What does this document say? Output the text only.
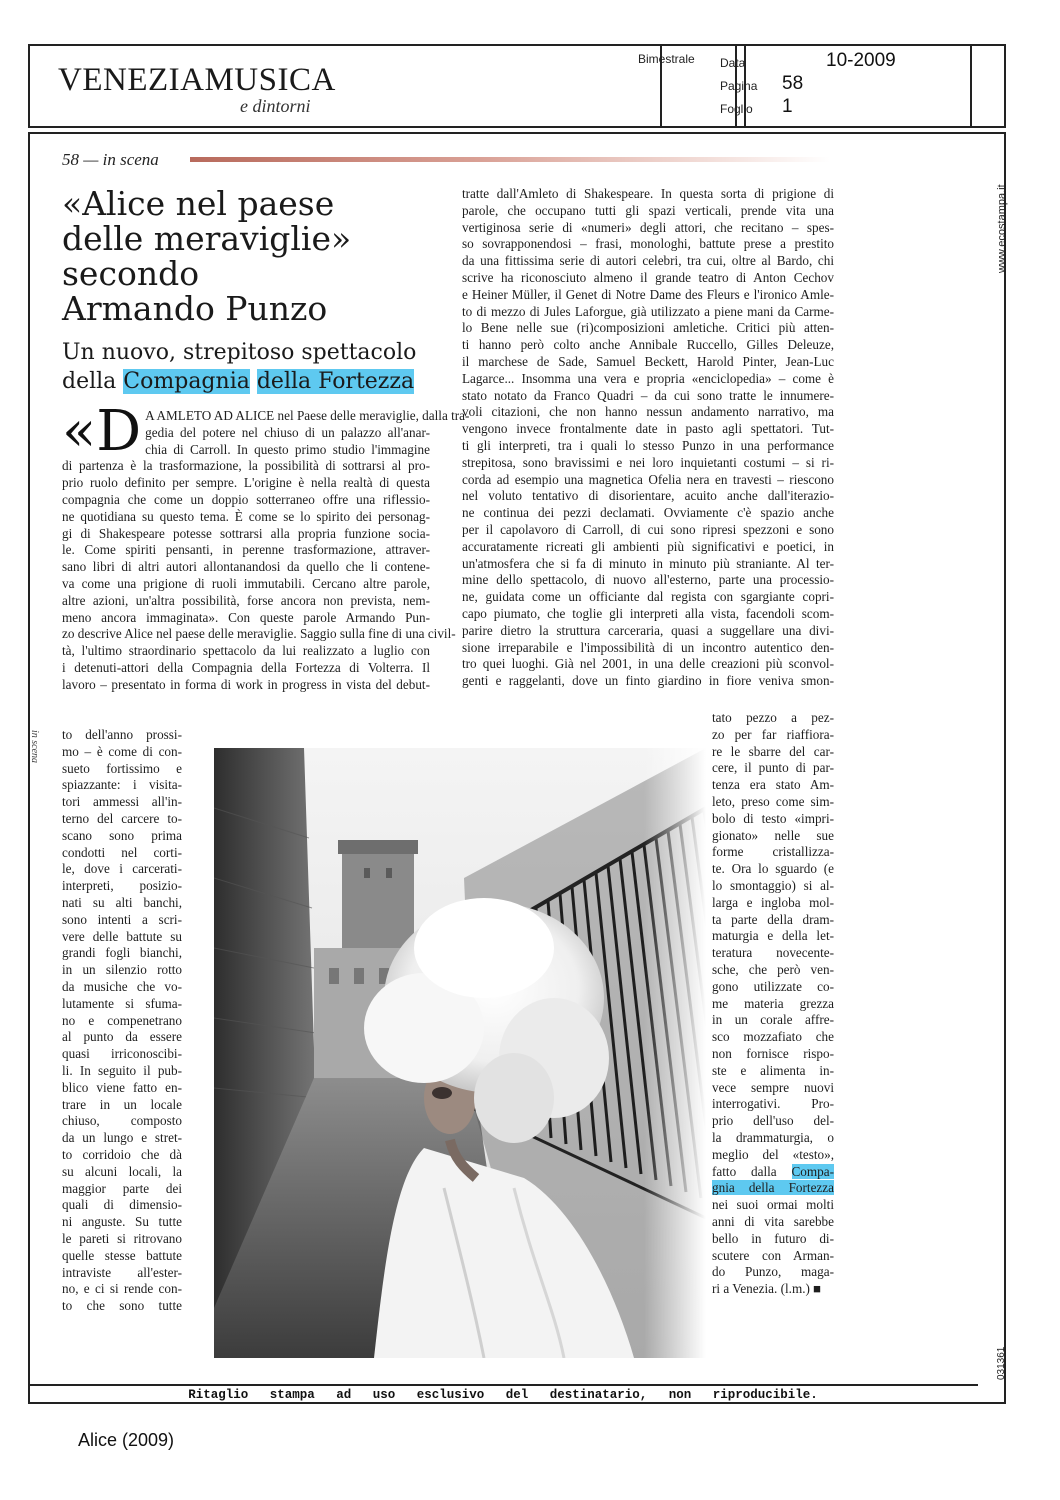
VENEZIAMUSICA
e dintorni
Bimestrale Data	10-2009
Pagina 58
Foglio 1
www.ecostampa.it
031361
58 — in scena
in scena
«Alice nel paese
delle meraviglie»
secondo
Armando Punzo
Un nuovo, strepitoso spettacolo
della Compagnia della Fortezza
«D A AMLETO AD ALICE nel Paese delle meraviglie, dalla tra-
gedia del potere nel chiuso di un palazzo all'anar-
chia di Carroll. In questo primo studio l'immagine
di partenza è la trasformazione, la possibilità di sottrarsi al pro-
prio ruolo definito per sempre. L'origine è nella realtà di questa
compagnia che come un doppio sotterraneo offre una riflessio-
ne quotidiana su questo tema. È come se lo spirito dei personag-
gi di Shakespeare potesse sottrarsi alla propria funzione socia-
le. Come spiriti pensanti, in perenne trasformazione, attraver-
sano libri di altri autori allontanandosi da quello che li contene-
va come una prigione di ruoli immutabili. Cercano altre parole,
altre azioni, un'altra possibilità, forse ancora non prevista, nem-
meno ancora immaginata». Con queste parole Armando Pun-
zo descrive Alice nel paese delle meraviglie. Saggio sulla fine di una civil-
tà, l'ultimo straordinario spettacolo da lui realizzato a luglio con
i detenuti-attori della Compagnia della Fortezza di Volterra. Il
lavoro – presentato in forma di work in progress in vista del debut-
to dell'anno prossi-
mo – è come di con-
sueto fortissimo e
spiazzante: i visita-
tori ammessi all'in-
terno del carcere to-
scano sono prima
condotti nel corti-
le, dove i carcerati-
interpreti, posizio-
nati su alti banchi,
sono intenti a scri-
vere delle battute su
grandi fogli bianchi,
in un silenzio rotto
da musiche che vo-
lutamente si sfuma-
no e compenetrano
al punto da essere
quasi irriconoscibi-
li. In seguito il pub-
blico viene fatto en-
trare in un locale
chiuso, composto
da un lungo e stret-
to corridoio che dà
su alcuni locali, la
maggior parte dei
quali di dimensio-
ni anguste. Su tutte
le pareti si ritrovano
quelle stesse battute
intraviste all'ester-
no, e ci si rende con-
to che sono tutte
tratte dall'Amleto di Shakespeare. In questa sorta di prigione di
parole, che occupano tutti gli spazi verticali, prende vita una
vertiginosa serie di «numeri» degli attori, che recitano – spes-
so sovrapponendosi – frasi, monologhi, battute prese a prestito
da una fittissima serie di autori celebri, tra cui, oltre al Bardo, chi
scrive ha riconosciuto almeno il grande teatro di Anton Cechov
e Heiner Müller, il Genet di Notre Dame des Fleurs e l'ironico Amle-
to di mezzo di Jules Laforgue, già utilizzato a piene mani da Carme-
lo Bene nelle sue (ri)composizioni amletiche. Critici più atten-
ti hanno però colto anche Annibale Ruccello, Gilles Deleuze,
il marchese de Sade, Samuel Beckett, Harold Pinter, Jean-Luc
Lagarce... Insomma una vera e propria «enciclopedia» – come è
stato notato da Franco Quadri – da cui sono tratte le innumere-
voli citazioni, che non hanno nessun andamento narrativo, ma
vengono invece frontalmente date in pasto agli spettatori. Tut-
ti gli interpreti, tra i quali lo stesso Punzo in una performance
strepitosa, sono bravissimi e nei loro inquietanti costumi – si ri-
corda ad esempio una magnetica Ofelia nera en travesti – riescono
nel voluto tentativo di disorientare, acuito anche dall'iterazio-
ne continua dei pezzi declamati. Ovviamente c'è spazio anche
per il capolavoro di Carroll, di cui sono ripresi spezzoni e sono
accuratamente ricreati gli ambienti più significativi e poetici, in
un'atmosfera che si fa di minuto in minuto più straniante. Al ter-
mine dello spettacolo, di nuovo all'esterno, parte una processio-
ne, guidata come un officiante dal regista con sgargiante copri-
capo piumato, che toglie gli interpreti alla vista, facendoli scom-
parire dietro la struttura carceraria, quasi a suggellare una divi-
sione irreparabile e l'impossibilità di un incontro autentico den-
tro quei luoghi. Già nel 2001, in una delle creazioni più sconvol-
genti e raggelanti, dove un finto giardino in fiore veniva smon-
tato pezzo a pez-
zo per far riaffiora-
re le sbarre del car-
cere, il punto di par-
tenza era stato Am-
leto, preso come sim-
bolo di testo «impri-
gionato» nelle sue
forme cristallizza-
te. Ora lo sguardo (e
lo smontaggio) si al-
larga e ingloba mol-
ta parte della dram-
maturgia e della let-
teratura novecente-
sche, che però ven-
gono utilizzate co-
me materia grezza
in un corale affre-
sco mozzafiato che
non fornisce rispo-
ste e alimenta in-
vece sempre nuovi
interrogativi. Pro-
prio dell'uso del-
la drammaturgia, o
meglio del «testo»,
fatto dalla Compa-
gnia della Fortezza
nei suoi ormai molti
anni di vita sarebbe
bello in futuro di-
scutere con Arman-
do Punzo, maga-
ri a Venezia. (l.m.) ■
Ritaglio stampa ad uso esclusivo del destinatario, non riproducibile.
Alice (2009)
